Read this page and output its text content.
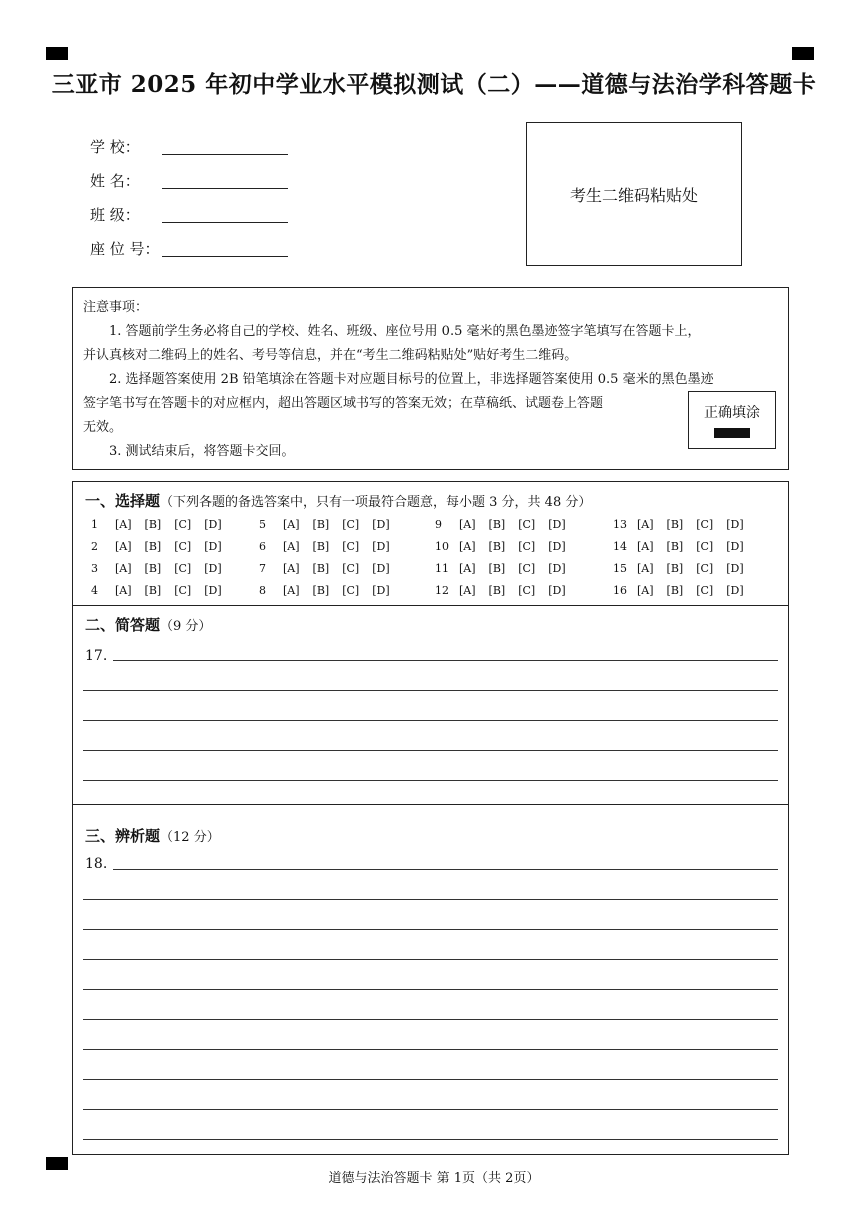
三亚市 2025 年初中学业水平模拟测试（二）——道德与法治学科答题卡
学 校：
姓 名：
班 级：
座 位 号：
考生二维码粘贴处

注意事项：

1. 答题前学生务必将自己的学校、姓名、班级、座位号用 0.5 毫米的黑色墨迹签字笔填写在答题卡上，

并认真核对二维码上的姓名、考号等信息，并在“考生二维码粘贴处”贴好考生二维码。

2. 选择题答案使用 2B 铅笔填涂在答题卡对应题目标号的位置上，非选择题答案使用 0.5 毫米的黑色墨迹

签字笔书写在答题卡的对应框内，超出答题区域书写的答案无效；在草稿纸、试题卷上答题

无效。

3. 测试结束后，将答题卡交回。

正确填涂
一、选择题（下列各题的备选答案中，只有一项最符合题意，每小题 3 分，共 48 分）
1 [A] [B] [C] [D]
2 [A] [B] [C] [D]
3 [A] [B] [C] [D]
4 [A] [B] [C] [D]
5 [A] [B] [C] [D]
6 [A] [B] [C] [D]
7 [A] [B] [C] [D]
8 [A] [B] [C] [D]
9 [A] [B] [C] [D]
10 [A] [B] [C] [D]
11 [A] [B] [C] [D]
12 [A] [B] [C] [D]
13 [A] [B] [C] [D]
14 [A] [B] [C] [D]
15 [A] [B] [C] [D]
16 [A] [B] [C] [D]
二、简答题（9 分）
17.
三、辨析题（12 分）
18.
道德与法治答题卡 第 1页（共 2页）
